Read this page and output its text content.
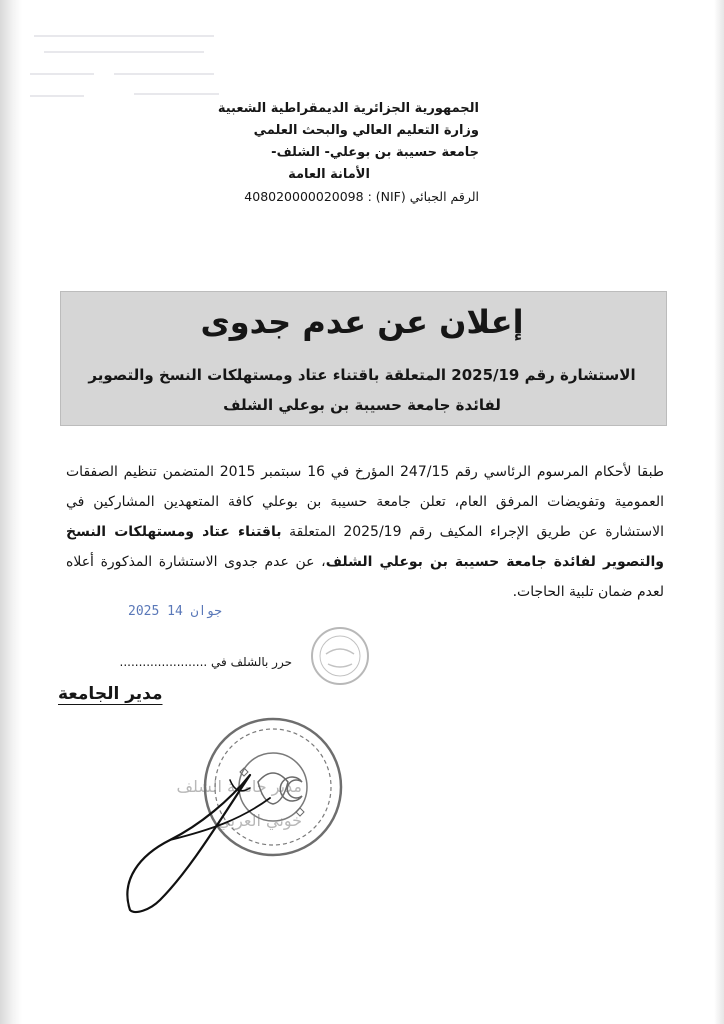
الجمهورية الجزائرية الديمقراطية الشعبية
وزارة التعليم العالي والبحث العلمي
جامعة حسيبة بن بوعلي- الشلف-
الأمانة العامة
الرقم الجبائي (NIF) : 408020000020098
إعلان عن عدم جدوى
الاستشارة رقم 2025/19 المتعلقة باقتناء عتاد ومستهلكات النسخ والتصوير
لفائدة جامعة حسيبة بن بوعلي الشلف
طبقا لأحكام المرسوم الرئاسي رقم 247/15 المؤرخ في 16 سبتمبر 2015 المتضمن تنظيم الصفقات العمومية وتفويضات المرفق العام، تعلن جامعة حسيبة بن بوعلي كافة المتعهدين المشاركين في الاستشارة عن طريق الإجراء المكيف رقم 2025/19 المتعلقة باقتناء عتاد ومستهلكات النسخ والتصوير لفائدة جامعة حسيبة بن بوعلي الشلف، عن عدم جدوى الاستشارة المذكورة أعلاه لعدم ضمان تلبية الحاجات.
2025 جوان 14
حرر بالشلف في .......................
مدير الجامعة
مدير جامعة الشلف
خوني العربي
